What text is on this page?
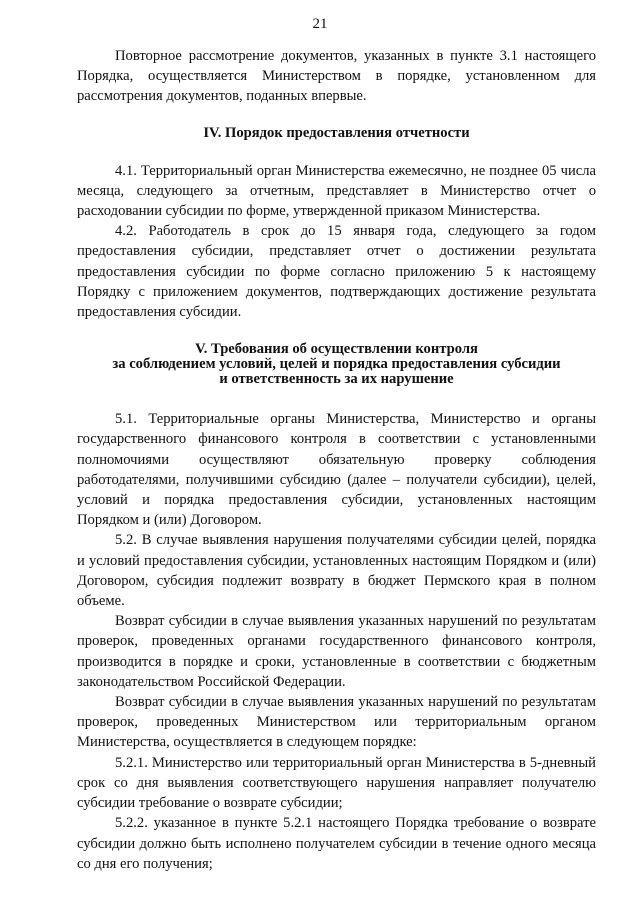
21

Повторное рассмотрение документов, указанных в пункте 3.1 настоящего Порядка, осуществляется Министерством в порядке, установленном для рассмотрения документов, поданных впервые.

IV. Порядок предоставления отчетности

4.1. Территориальный орган Министерства ежемесячно, не позднее 05 числа месяца, следующего за отчетным, представляет в Министерство отчет о расходовании субсидии по форме, утвержденной приказом Министерства.

4.2. Работодатель в срок до 15 января года, следующего за годом предоставления субсидии, представляет отчет о достижении результата предоставления субсидии по форме согласно приложению 5 к настоящему Порядку с приложением документов, подтверждающих достижение результата предоставления субсидии.

V. Требования об осуществлении контроля
за соблюдением условий, целей и порядка предоставления субсидии
и ответственность за их нарушение

5.1. Территориальные органы Министерства, Министерство и органы государственного финансового контроля в соответствии с установленными полномочиями осуществляют обязательную проверку соблюдения работодателями, получившими субсидию (далее – получатели субсидии), целей, условий и порядка предоставления субсидии, установленных настоящим Порядком и (или) Договором.

5.2. В случае выявления нарушения получателями субсидии целей, порядка и условий предоставления субсидии, установленных настоящим Порядком и (или) Договором, субсидия подлежит возврату в бюджет Пермского края в полном объеме.

Возврат субсидии в случае выявления указанных нарушений по результатам проверок, проведенных органами государственного финансового контроля, производится в порядке и сроки, установленные в соответствии с бюджетным законодательством Российской Федерации.

Возврат субсидии в случае выявления указанных нарушений по результатам проверок, проведенных Министерством или территориальным органом Министерства, осуществляется в следующем порядке:

5.2.1. Министерство или территориальный орган Министерства в 5-дневный срок со дня выявления соответствующего нарушения направляет получателю субсидии требование о возврате субсидии;

5.2.2. указанное в пункте 5.2.1 настоящего Порядка требование о возврате субсидии должно быть исполнено получателем субсидии в течение одного месяца со дня его получения;
